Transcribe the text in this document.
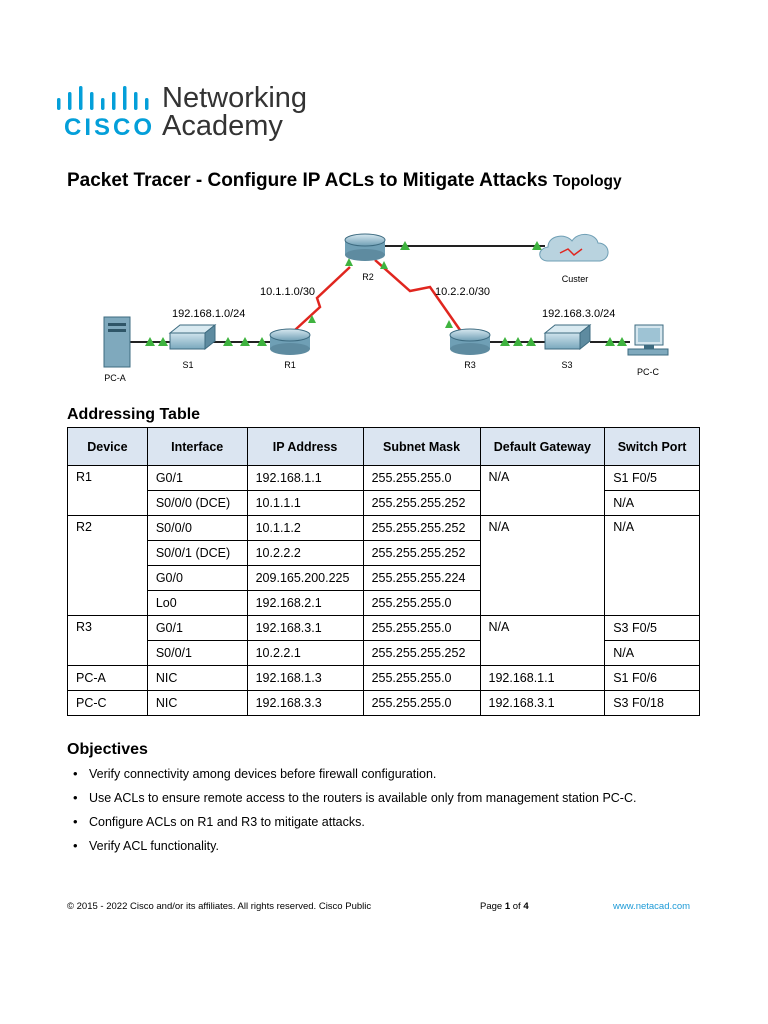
CISCO
Networking
Academy
Packet Tracer - Configure IP ACLs to Mitigate Attacks Topology
PC-A
S1	R1
R2
R3	S3
PC-C
Custer
192.168.1.0/24
10.1.1.0/30	10.2.2.0/30
192.168.3.0/24
Addressing Table
Device	Interface	IP Address	Subnet Mask	Default Gateway	Switch Port
R1	G0/1	192.168.1.1	255.255.255.0	N/A	S1 F0/5
	S0/0/0 (DCE)	10.1.1.1	255.255.255.252		N/A
R2	S0/0/0	10.1.1.2	255.255.255.252	N/A	N/A
	S0/0/1 (DCE)	10.2.2.2	255.255.255.252		
	G0/0	209.165.200.225	255.255.255.224		
	Lo0	192.168.2.1	255.255.255.0		
R3	G0/1	192.168.3.1	255.255.255.0	N/A	S3 F0/5
	S0/0/1	10.2.2.1	255.255.255.252		N/A
PC-A	NIC	192.168.1.3	255.255.255.0	192.168.1.1	S1 F0/6
PC-C	NIC	192.168.3.3	255.255.255.0	192.168.3.1	S3 F0/18
Objectives
• Verify connectivity among devices before firewall configuration.
• Use ACLs to ensure remote access to the routers is available only from management station PC-C.
• Configure ACLs on R1 and R3 to mitigate attacks.
• Verify ACL functionality.
© 2015 - 2022 Cisco and/or its affiliates. All rights reserved. Cisco Public	Page 1 of 4	www.netacad.com
